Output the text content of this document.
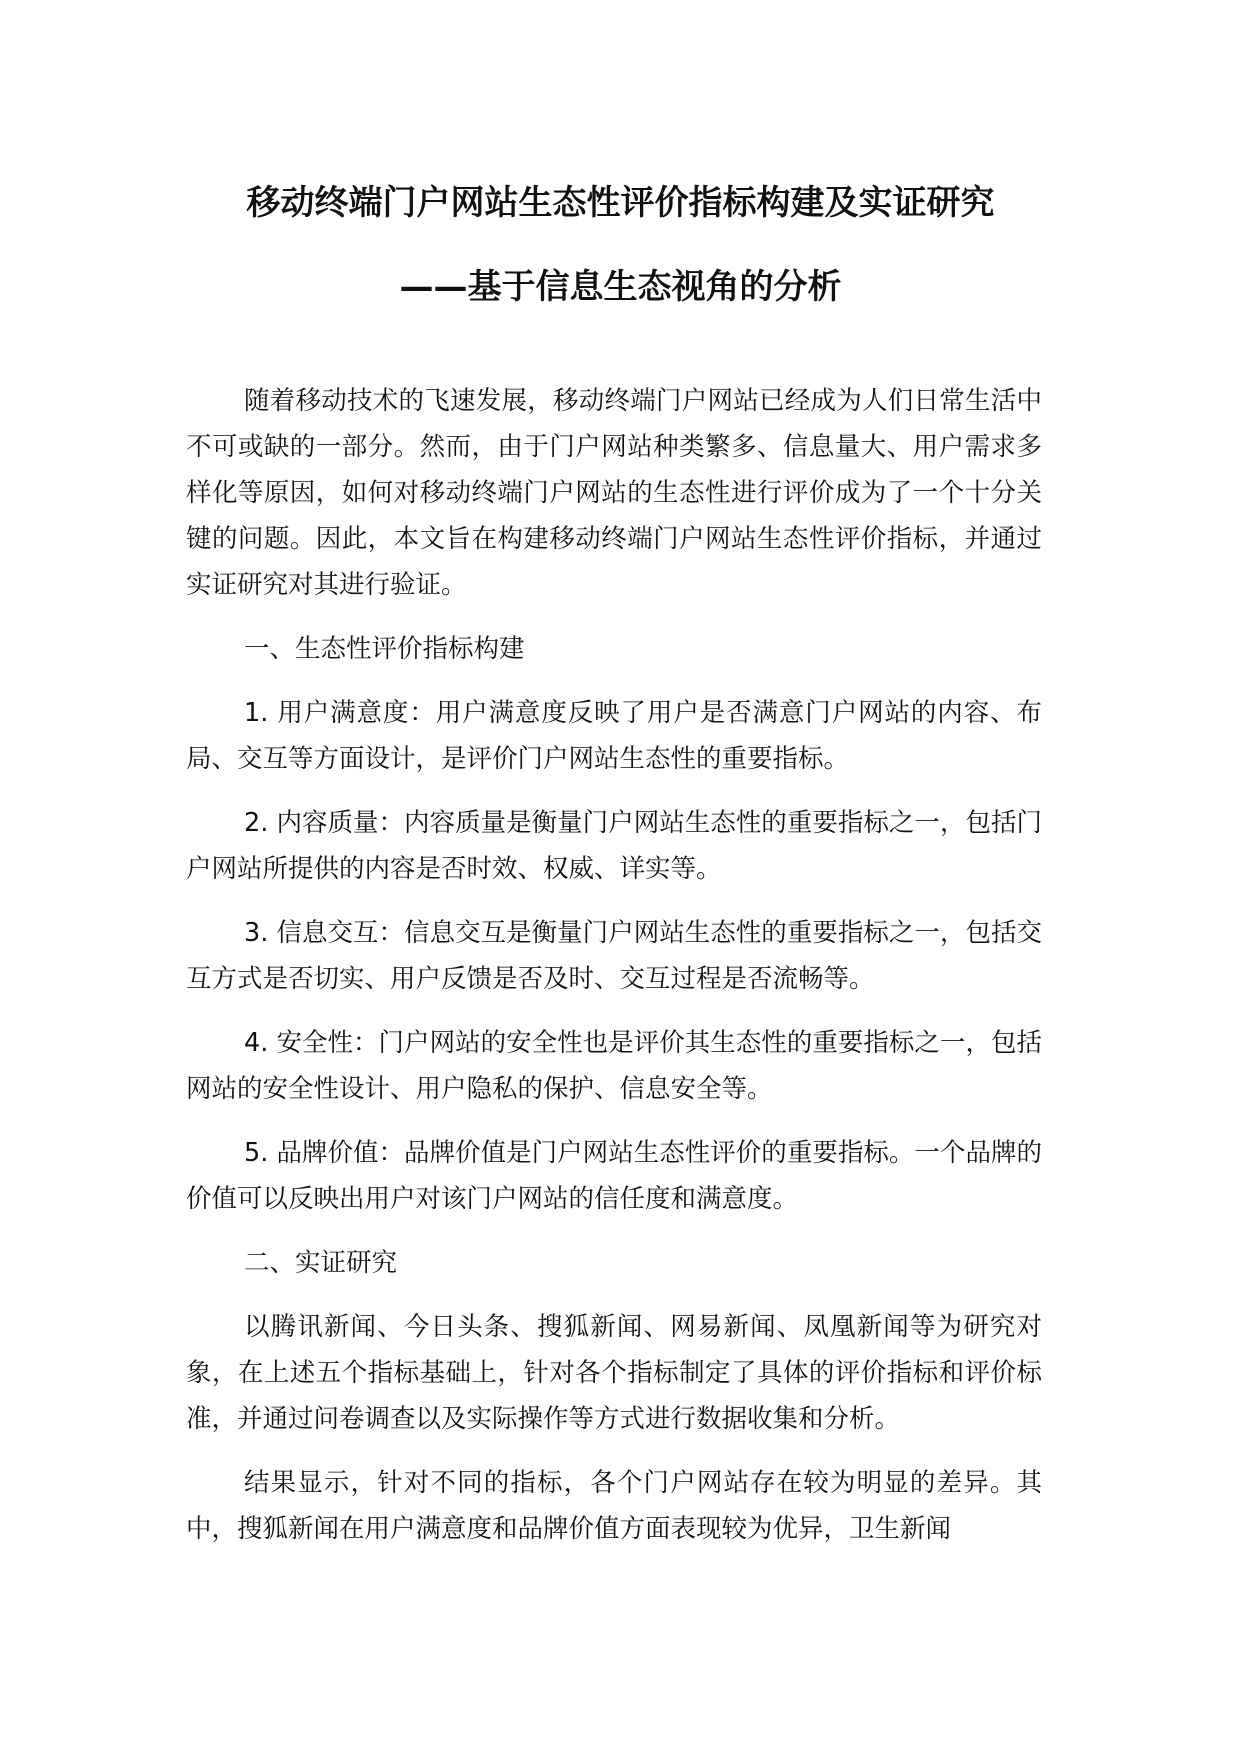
移动终端门户网站生态性评价指标构建及实证研究
——基于信息生态视角的分析

随着移动技术的飞速发展，移动终端门户网站已经成为人们日常生活中不可或缺的一部分。然而，由于门户网站种类繁多、信息量大、用户需求多样化等原因，如何对移动终端门户网站的生态性进行评价成为了一个十分关键的问题。因此，本文旨在构建移动终端门户网站生态性评价指标，并通过实证研究对其进行验证。

一、生态性评价指标构建

1. 用户满意度：用户满意度反映了用户是否满意门户网站的内容、布局、交互等方面设计，是评价门户网站生态性的重要指标。

2. 内容质量：内容质量是衡量门户网站生态性的重要指标之一，包括门户网站所提供的内容是否时效、权威、详实等。

3. 信息交互：信息交互是衡量门户网站生态性的重要指标之一，包括交互方式是否切实、用户反馈是否及时、交互过程是否流畅等。

4. 安全性：门户网站的安全性也是评价其生态性的重要指标之一，包括网站的安全性设计、用户隐私的保护、信息安全等。

5. 品牌价值：品牌价值是门户网站生态性评价的重要指标。一个品牌的价值可以反映出用户对该门户网站的信任度和满意度。

二、实证研究

以腾讯新闻、今日头条、搜狐新闻、网易新闻、凤凰新闻等为研究对象，在上述五个指标基础上，针对各个指标制定了具体的评价指标和评价标准，并通过问卷调查以及实际操作等方式进行数据收集和分析。

结果显示，针对不同的指标，各个门户网站存在较为明显的差异。其中，搜狐新闻在用户满意度和品牌价值方面表现较为优异，卫生新闻
